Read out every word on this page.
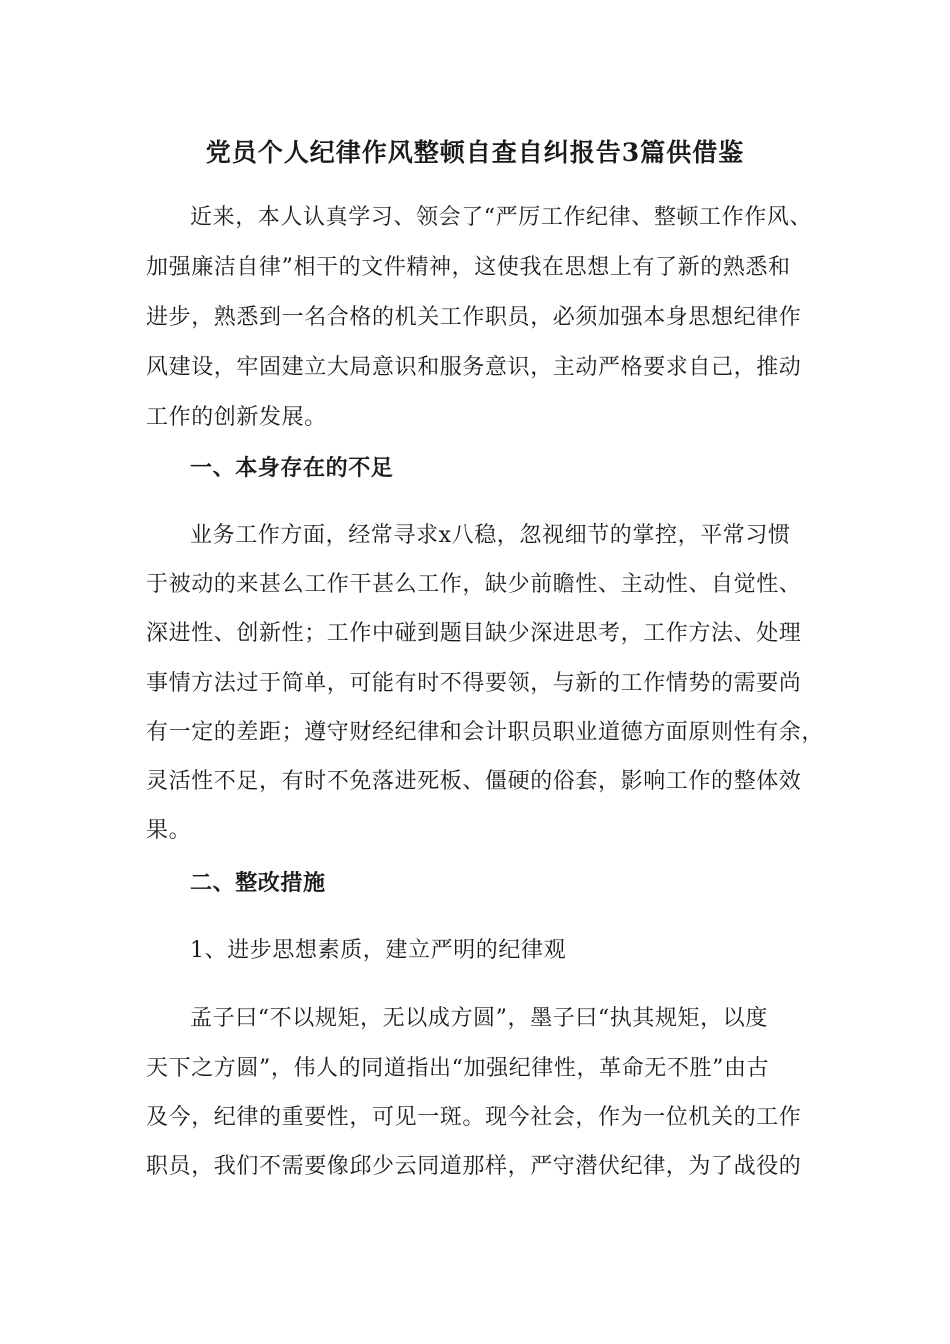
党员个人纪律作风整顿自查自纠报告3篇供借鉴
近来，本人认真学习、领会了“严厉工作纪律、整顿工作作风、
加强廉洁自律”相干的文件精神，这使我在思想上有了新的熟悉和
进步，熟悉到一名合格的机关工作职员，必须加强本身思想纪律作
风建设，牢固建立大局意识和服务意识，主动严格要求自己，推动
工作的创新发展。
一、本身存在的不足
业务工作方面，经常寻求x八稳，忽视细节的掌控，平常习惯
于被动的来甚么工作干甚么工作，缺少前瞻性、主动性、自觉性、
深进性、创新性；工作中碰到题目缺少深进思考，工作方法、处理
事情方法过于简单，可能有时不得要领，与新的工作情势的需要尚
有一定的差距；遵守财经纪律和会计职员职业道德方面原则性有余，
灵活性不足，有时不免落进死板、僵硬的俗套，影响工作的整体效
果。
二、整改措施
1、进步思想素质，建立严明的纪律观
孟子曰“不以规矩，无以成方圆”，墨子曰“执其规矩，以度
天下之方圆”，伟人的同道指出“加强纪律性，革命无不胜”由古
及今，纪律的重要性，可见一斑。现今社会，作为一位机关的工作
职员，我们不需要像邱少云同道那样，严守潜伏纪律，为了战役的
